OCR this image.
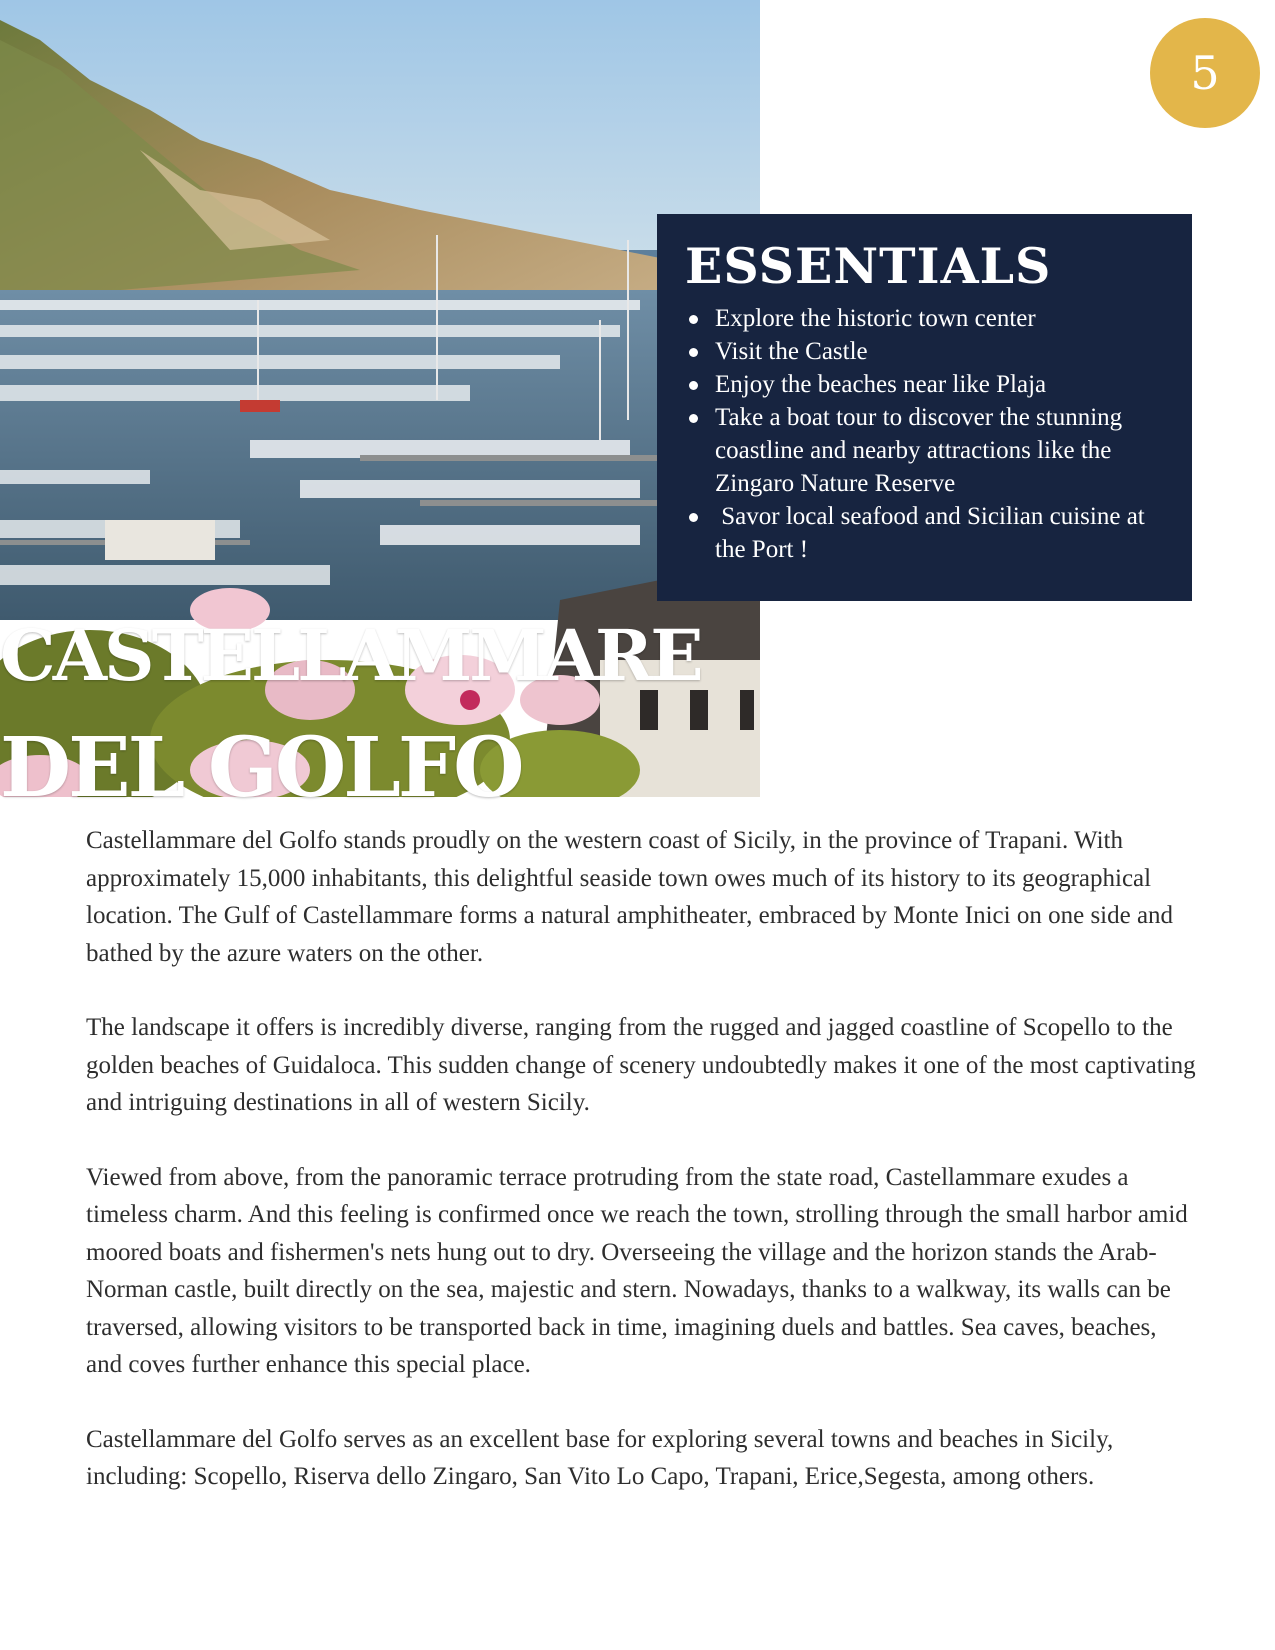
5
ESSENTIALS
Explore the historic town center
Visit the Castle
Enjoy the beaches near like Plaja
Take a boat tour to discover the stunning coastline and nearby attractions like the Zingaro Nature Reserve
Savor local seafood and Sicilian cuisine at the Port !
CASTELLAMMARE
DEL GOLFO

Castellammare del Golfo stands proudly on the western coast of Sicily, in the province of Trapani. With approximately 15,000 inhabitants, this delightful seaside town owes much of its history to its geographical location. The Gulf of Castellammare forms a natural amphitheater, embraced by Monte Inici on one side and bathed by the azure waters on the other.

The landscape it offers is incredibly diverse, ranging from the rugged and jagged coastline of Scopello to the golden beaches of Guidaloca. This sudden change of scenery undoubtedly makes it one of the most captivating and intriguing destinations in all of western Sicily.

Viewed from above, from the panoramic terrace protruding from the state road, Castellammare exudes a timeless charm. And this feeling is confirmed once we reach the town, strolling through the small harbor amid moored boats and fishermen's nets hung out to dry. Overseeing the village and the horizon stands the Arab-Norman castle, built directly on the sea, majestic and stern. Nowadays, thanks to a walkway, its walls can be traversed, allowing visitors to be transported back in time, imagining duels and battles. Sea caves, beaches, and coves further enhance this special place.

Castellammare del Golfo serves as an excellent base for exploring several towns and beaches in Sicily, including: Scopello, Riserva dello Zingaro, San Vito Lo Capo, Trapani, Erice,Segesta, among others.
